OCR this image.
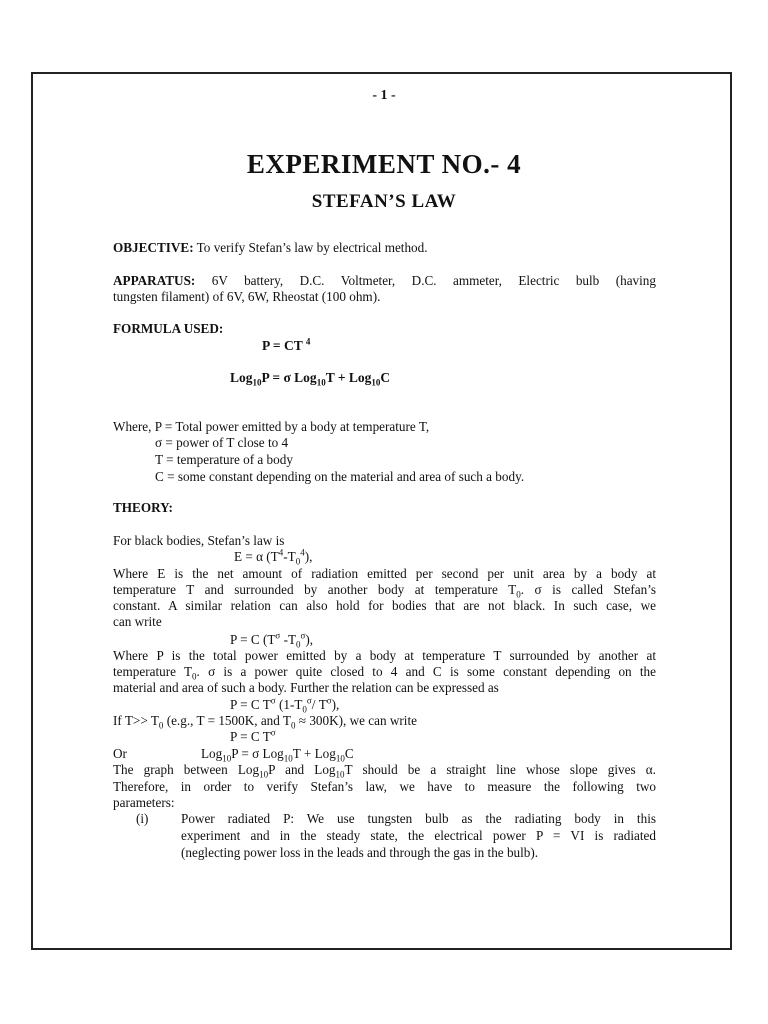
- 1 -
EXPERIMENT NO.- 4
STEFAN’S LAW
OBJECTIVE: To verify Stefan’s law by electrical method.
APPARATUS: 6V battery, D.C. Voltmeter, D.C. ammeter, Electric bulb (having
tungsten filament) of 6V, 6W, Rheostat (100 ohm).
FORMULA USED:
P = CT $^4$
Log$_{10}$P = σ Log$_{10}$T + Log$_{10}$C
Where, P = Total power emitted by a body at temperature T,
σ = power of T close to 4
T = temperature of a body
C = some constant depending on the material and area of such a body.
THEORY:
For black bodies, Stefan’s law is
E = α $(T^4-T_0^4)$,
Where E is the net amount of radiation emitted per second per unit area by a body at
temperature T and surrounded by another body at temperature $T_0$. σ is called Stefan’s
constant. A similar relation can also hold for bodies that are not black. In such case, we
can write
P = C ($T^\sigma$ $-T_0^\sigma$),
Where P is the total power emitted by a body at temperature T surrounded by another at
temperature $T_0$. σ is a power quite closed to 4 and C is some constant depending on the
material and area of such a body. Further the relation can be expressed as
P = C $T^\sigma$ ($1-T_0^\sigma/$ $T^\sigma$),
If $T>> T_0$ (e.g., T = 1500K, and $T_0 \approx 300K$), we can write
P = C $T^\sigma$
Or	Log$_{10}$P = σ Log$_{10}$T + Log$_{10}$C
The graph between Log$_{10}$P and Log$_{10}$T should be a straight line whose slope gives α.
Therefore, in order to verify Stefan’s law, we have to measure the following two
parameters:
(i) Power radiated P: We use tungsten bulb as the radiating body in this
experiment and in the steady state, the electrical power P = VI is radiated
(neglecting power loss in the leads and through the gas in the bulb).
